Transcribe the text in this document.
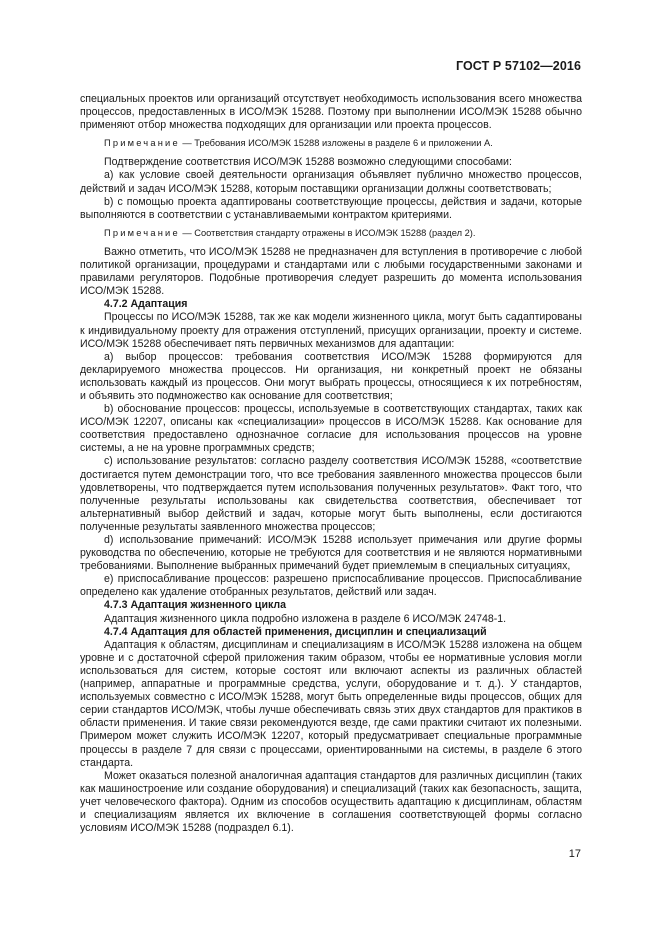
ГОСТ Р 57102—2016

специальных проектов или организаций отсутствует необходимость использования всего множества процессов, предоставленных в ИСО/МЭК 15288. Поэтому при выполнении ИСО/МЭК 15288 обычно применяют отбор множества подходящих для организации или проекта процессов.

Примечание — Требования ИСО/МЭК 15288 изложены в разделе 6 и приложении А.

Подтверждение соответствия ИСО/МЭК 15288 возможно следующими способами:

а) как условие своей деятельности организация объявляет публично множество процессов, действий и задач ИСО/МЭК 15288, которым поставщики организации должны соответствовать;

b) с помощью проекта адаптированы соответствующие процессы, действия и задачи, которые выполняются в соответствии с устанавливаемыми контрактом критериями.

Примечание — Соответствия стандарту отражены в ИСО/МЭК 15288 (раздел 2).

Важно отметить, что ИСО/МЭК 15288 не предназначен для вступления в противоречие с любой политикой организации, процедурами и стандартами или с любыми государственными законами и правилами регуляторов. Подобные противоречия следует разрешить до момента использования ИСО/МЭК 15288.

4.7.2 Адаптация

Процессы по ИСО/МЭК 15288, так же как модели жизненного цикла, могут быть садаптированы к индивидуальному проекту для отражения отступлений, присущих организации, проекту и системе. ИСО/МЭК 15288 обеспечивает пять первичных механизмов для адаптации:

а) выбор процессов: требования соответствия ИСО/МЭК 15288 формируются для декларируемого множества процессов. Ни организация, ни конкретный проект не обязаны использовать каждый из процессов. Они могут выбрать процессы, относящиеся к их потребностям, и объявить это подмножество как основание для соответствия;

b) обоснование процессов: процессы, используемые в соответствующих стандартах, таких как ИСО/МЭК 12207, описаны как «специализации» процессов в ИСО/МЭК 15288. Как основание для соответствия предоставлено однозначное согласие для использования процессов на уровне системы, а не на уровне программных средств;

с) использование результатов: согласно разделу соответствия ИСО/МЭК 15288, «соответствие достигается путем демонстрации того, что все требования заявленного множества процессов были удовлетворены, что подтверждается путем использования полученных результатов». Факт того, что полученные результаты использованы как свидетельства соответствия, обеспечивает тот альтернативный выбор действий и задач, которые могут быть выполнены, если достигаются полученные результаты заявленного множества процессов;

d) использование примечаний: ИСО/МЭК 15288 использует примечания или другие формы руководства по обеспечению, которые не требуются для соответствия и не являются нормативными требованиями. Выполнение выбранных примечаний будет приемлемым в специальных ситуациях,

е) приспосабливание процессов: разрешено приспосабливание процессов. Приспосабливание определено как удаление отобранных результатов, действий или задач.

4.7.3 Адаптация жизненного цикла

Адаптация жизненного цикла подробно изложена в разделе 6 ИСО/МЭК 24748-1.

4.7.4 Адаптация для областей применения, дисциплин и специализаций

Адаптация к областям, дисциплинам и специализациям в ИСО/МЭК 15288 изложена на общем уровне и с достаточной сферой приложения таким образом, чтобы ее нормативные условия могли использоваться для систем, которые состоят или включают аспекты из различных областей (например, аппаратные и программные средства, услуги, оборудование и т. д.). У стандартов, используемых совместно с ИСО/МЭК 15288, могут быть определенные виды процессов, общих для серии стандартов ИСО/МЭК, чтобы лучше обеспечивать связь этих двух стандартов для практиков в области применения. И такие связи рекомендуются везде, где сами практики считают их полезными. Примером может служить ИСО/МЭК 12207, который предусматривает специальные программные процессы в разделе 7 для связи с процессами, ориентированными на системы, в разделе 6 этого стандарта.

Может оказаться полезной аналогичная адаптация стандартов для различных дисциплин (таких как машиностроение или создание оборудования) и специализаций (таких как безопасность, защита, учет человеческого фактора). Одним из способов осуществить адаптацию к дисциплинам, областям и специализациям является их включение в соглашения соответствующей формы согласно условиям ИСО/МЭК 15288 (подраздел 6.1).

17
